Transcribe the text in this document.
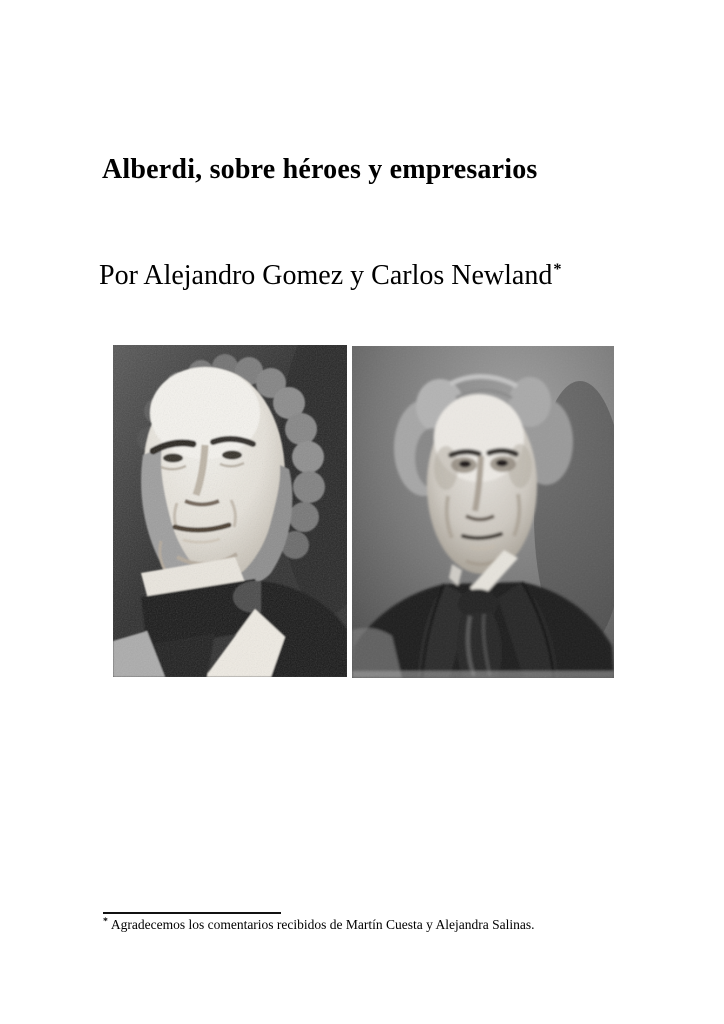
Alberdi, sobre héroes y empresarios

Por Alejandro Gomez y Carlos Newland*

* Agradecemos los comentarios recibidos de Martín Cuesta y Alejandra Salinas.
